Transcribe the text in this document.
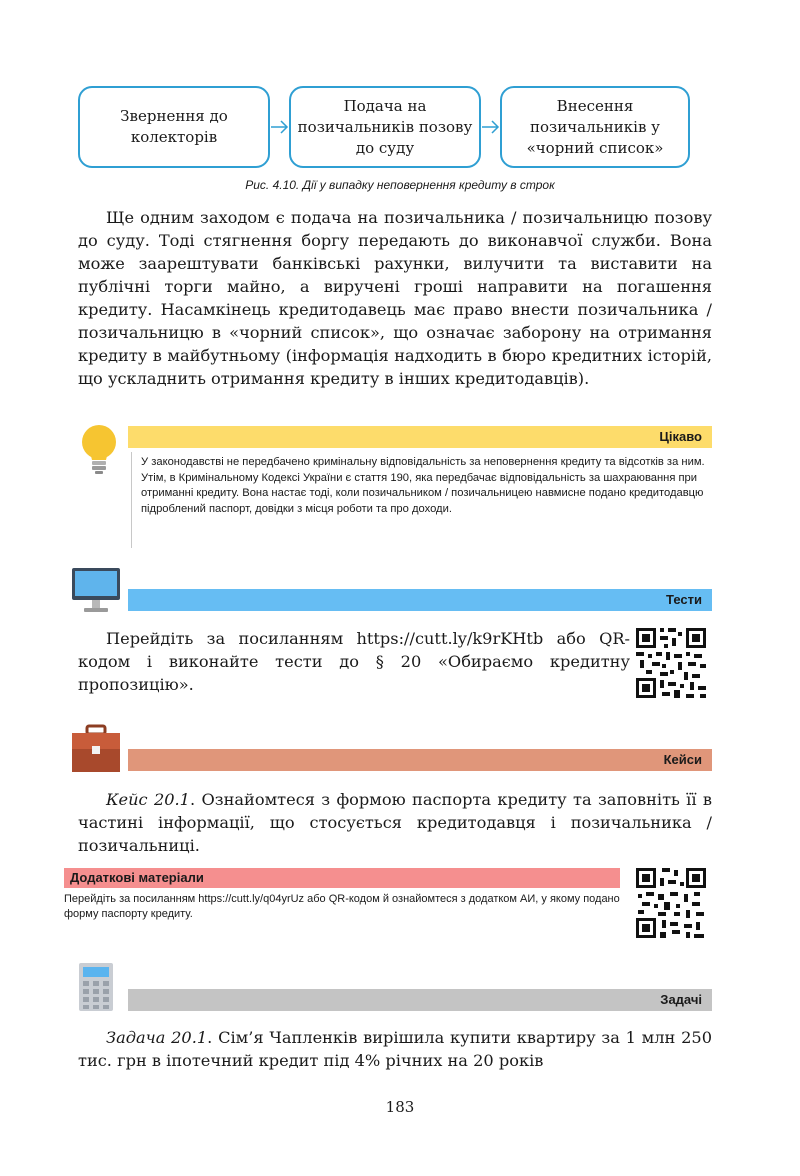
Звернення до колекторів
Подача на позичальників позову до суду
Внесення позичальників у «чорний список»
Рис. 4.10. Дії у випадку неповернення кредиту в строк

Ще одним заходом є подача на позичальника / позичальницю позову до суду. Тоді стягнення боргу передають до виконавчої служби. Вона може заарештувати банківські рахунки, вилучити та виставити на публічні торги майно, а виручені гроші направити на погашення кредиту. Насамкінець кредитодавець має право внести позичальника / позичальницю в «чорний список», що означає заборону на отримання кредиту в майбутньому (інформація надходить в бюро кредитних історій, що ускладнить отримання кредиту в інших кредитодавців).

Цікаво
У законодавстві не передбачено кримінальну відповідальність за неповернення кредиту та відсотків за ним. Утім, в Кримінальному Кодексі України є стаття 190, яка передбачає відповідальність за шахраювання при отриманні кредиту. Вона настає тоді, коли позичальником / позичальницею навмисне подано кредитодавцю підроблений паспорт, довідки з місця роботи та про доходи.
Тести

Перейдіть за посиланням https://cutt.ly/k9rKHtb або QR-кодом і виконайте тести до § 20 «Обираємо кредитну пропозицію».

Кейси

Кейс 20.1. Ознайомтеся з формою паспорта кредиту та заповніть її в частині інформації, що стосується кредитодавця і позичальника / позичальниці.

Додаткові матеріали
Перейдіть за посиланням https://cutt.ly/q04yrUz або QR-кодом й ознайомтеся з додатком АИ, у якому подано форму паспорту кредиту.
Задачі

Задача 20.1. Сім’я Чапленків вирішила купити квартиру за 1 млн 250 тис. грн в іпотечний кредит під 4% річних на 20 років

183
